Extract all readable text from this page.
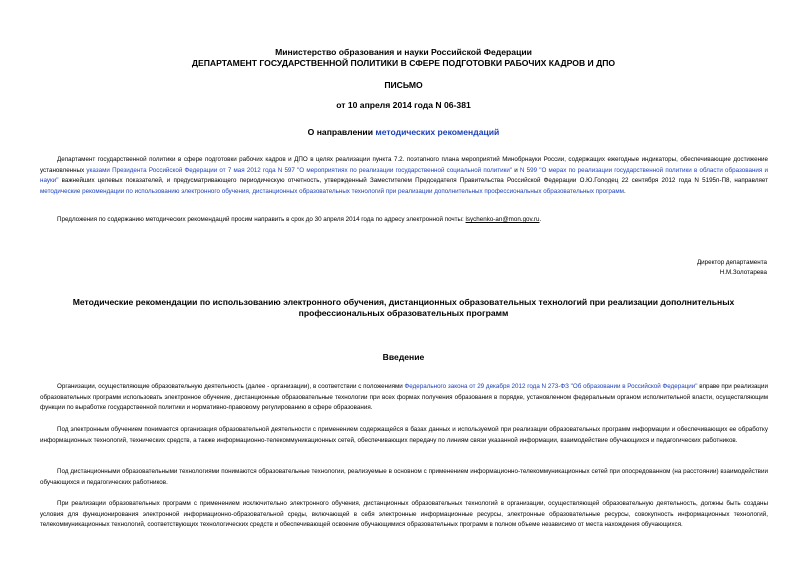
Министерство образования и науки Российской Федерации
ДЕПАРТАМЕНТ ГОСУДАРСТВЕННОЙ ПОЛИТИКИ В СФЕРЕ ПОДГОТОВКИ РАБОЧИХ КАДРОВ И ДПО
ПИСЬМО
от 10 апреля 2014 года N 06-381
О направлении методических рекомендаций
Департамент государственной политики в сфере подготовки рабочих кадров и ДПО в целях реализации пункта 7.2. поэтапного плана мероприятий Минобрнауки России, содержащих ежегодные индикаторы, обеспечивающие достижение установленных указами Президента Российской Федерации от 7 мая 2012 года N 597 "О мероприятиях по реализации государственной социальной политики" и N 599 "О мерах по реализации государственной политики в области образования и науки" важнейших целевых показателей, и предусматривающего периодическую отчетность, утвержденный Заместителем Председателя Правительства Российской Федерации О.Ю.Голодец 22 сентября 2012 года N 5195п-П8, направляет методические рекомендации по использованию электронного обучения, дистанционных образовательных технологий при реализации дополнительных профессиональных образовательных программ.
Предложения по содержанию методических рекомендаций просим направить в срок до 30 апреля 2014 года по адресу электронной почты: lsychenko-an@mon.gov.ru.
Директор департамента
Н.М.Золотарева
Методические рекомендации по использованию электронного обучения, дистанционных образовательных технологий при реализации дополнительных профессиональных образовательных программ
Введение
Организации, осуществляющие образовательную деятельность (далее - организации), в соответствии с положениями Федерального закона от 29 декабря 2012 года N 273-ФЗ "Об образовании в Российской Федерации" вправе при реализации образовательных программ использовать электронное обучение, дистанционные образовательные технологии при всех формах получения образования в порядке, установленном федеральным органом исполнительной власти, осуществляющим функции по выработке государственной политики и нормативно-правовому регулированию в сфере образования.
Под электронным обучением понимается организация образовательной деятельности с применением содержащейся в базах данных и используемой при реализации образовательных программ информации и обеспечивающих ее обработку информационных технологий, технических средств, а также информационно-телекоммуникационных сетей, обеспечивающих передачу по линиям связи указанной информации, взаимодействие обучающихся и педагогических работников.
Под дистанционными образовательными технологиями понимаются образовательные технологии, реализуемые в основном с применением информационно-телекоммуникационных сетей при опосредованном (на расстоянии) взаимодействии обучающихся и педагогических работников.
При реализации образовательных программ с применением исключительно электронного обучения, дистанционных образовательных технологий в организации, осуществляющей образовательную деятельность, должны быть созданы условия для функционирования электронной информационно-образовательной среды, включающей в себя электронные информационные ресурсы, электронные образовательные ресурсы, совокупность информационных технологий, телекоммуникационных технологий, соответствующих технологических средств и обеспечивающей освоение обучающимися образовательных программ в полном объеме независимо от места нахождения обучающихся.
